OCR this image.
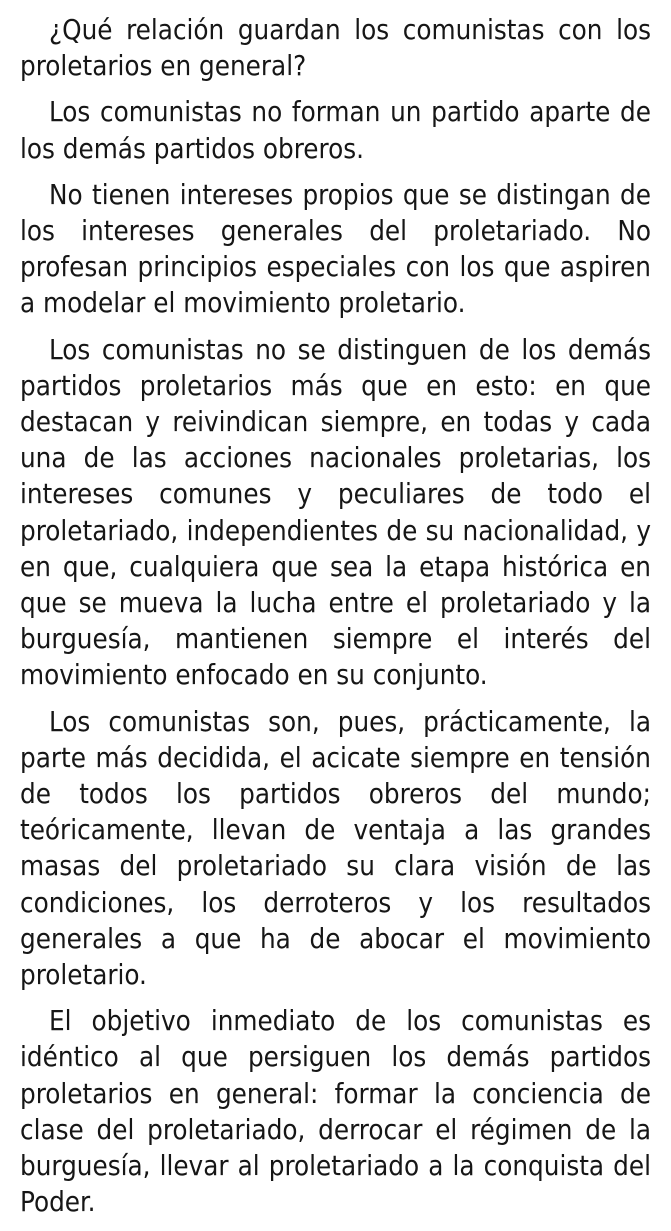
¿Qué relación guardan los comunistas con los proletarios en general?

Los comunistas no forman un partido aparte de los demás partidos obreros.

No tienen intereses propios que se distingan de los intereses generales del proletariado. No profesan principios especiales con los que aspiren a modelar el movimiento proletario.

Los comunistas no se distinguen de los demás partidos proletarios más que en esto: en que destacan y reivindican siempre, en todas y cada una de las acciones nacionales proletarias, los intereses comunes y peculiares de todo el proletariado, independientes de su nacionalidad, y en que, cualquiera que sea la etapa histórica en que se mueva la lucha entre el proletariado y la burguesía, mantienen siempre el interés del movimiento enfocado en su conjunto.

Los comunistas son, pues, prácticamente, la parte más decidida, el acicate siempre en tensión de todos los partidos obreros del mundo; teóricamente, llevan de ventaja a las grandes masas del proletariado su clara visión de las condiciones, los derroteros y los resultados generales a que ha de abocar el movimiento proletario.

El objetivo inmediato de los comunistas es idéntico al que persiguen los demás partidos proletarios en general: formar la conciencia de clase del proletariado, derrocar el régimen de la burguesía, llevar al proletariado a la conquista del Poder.
